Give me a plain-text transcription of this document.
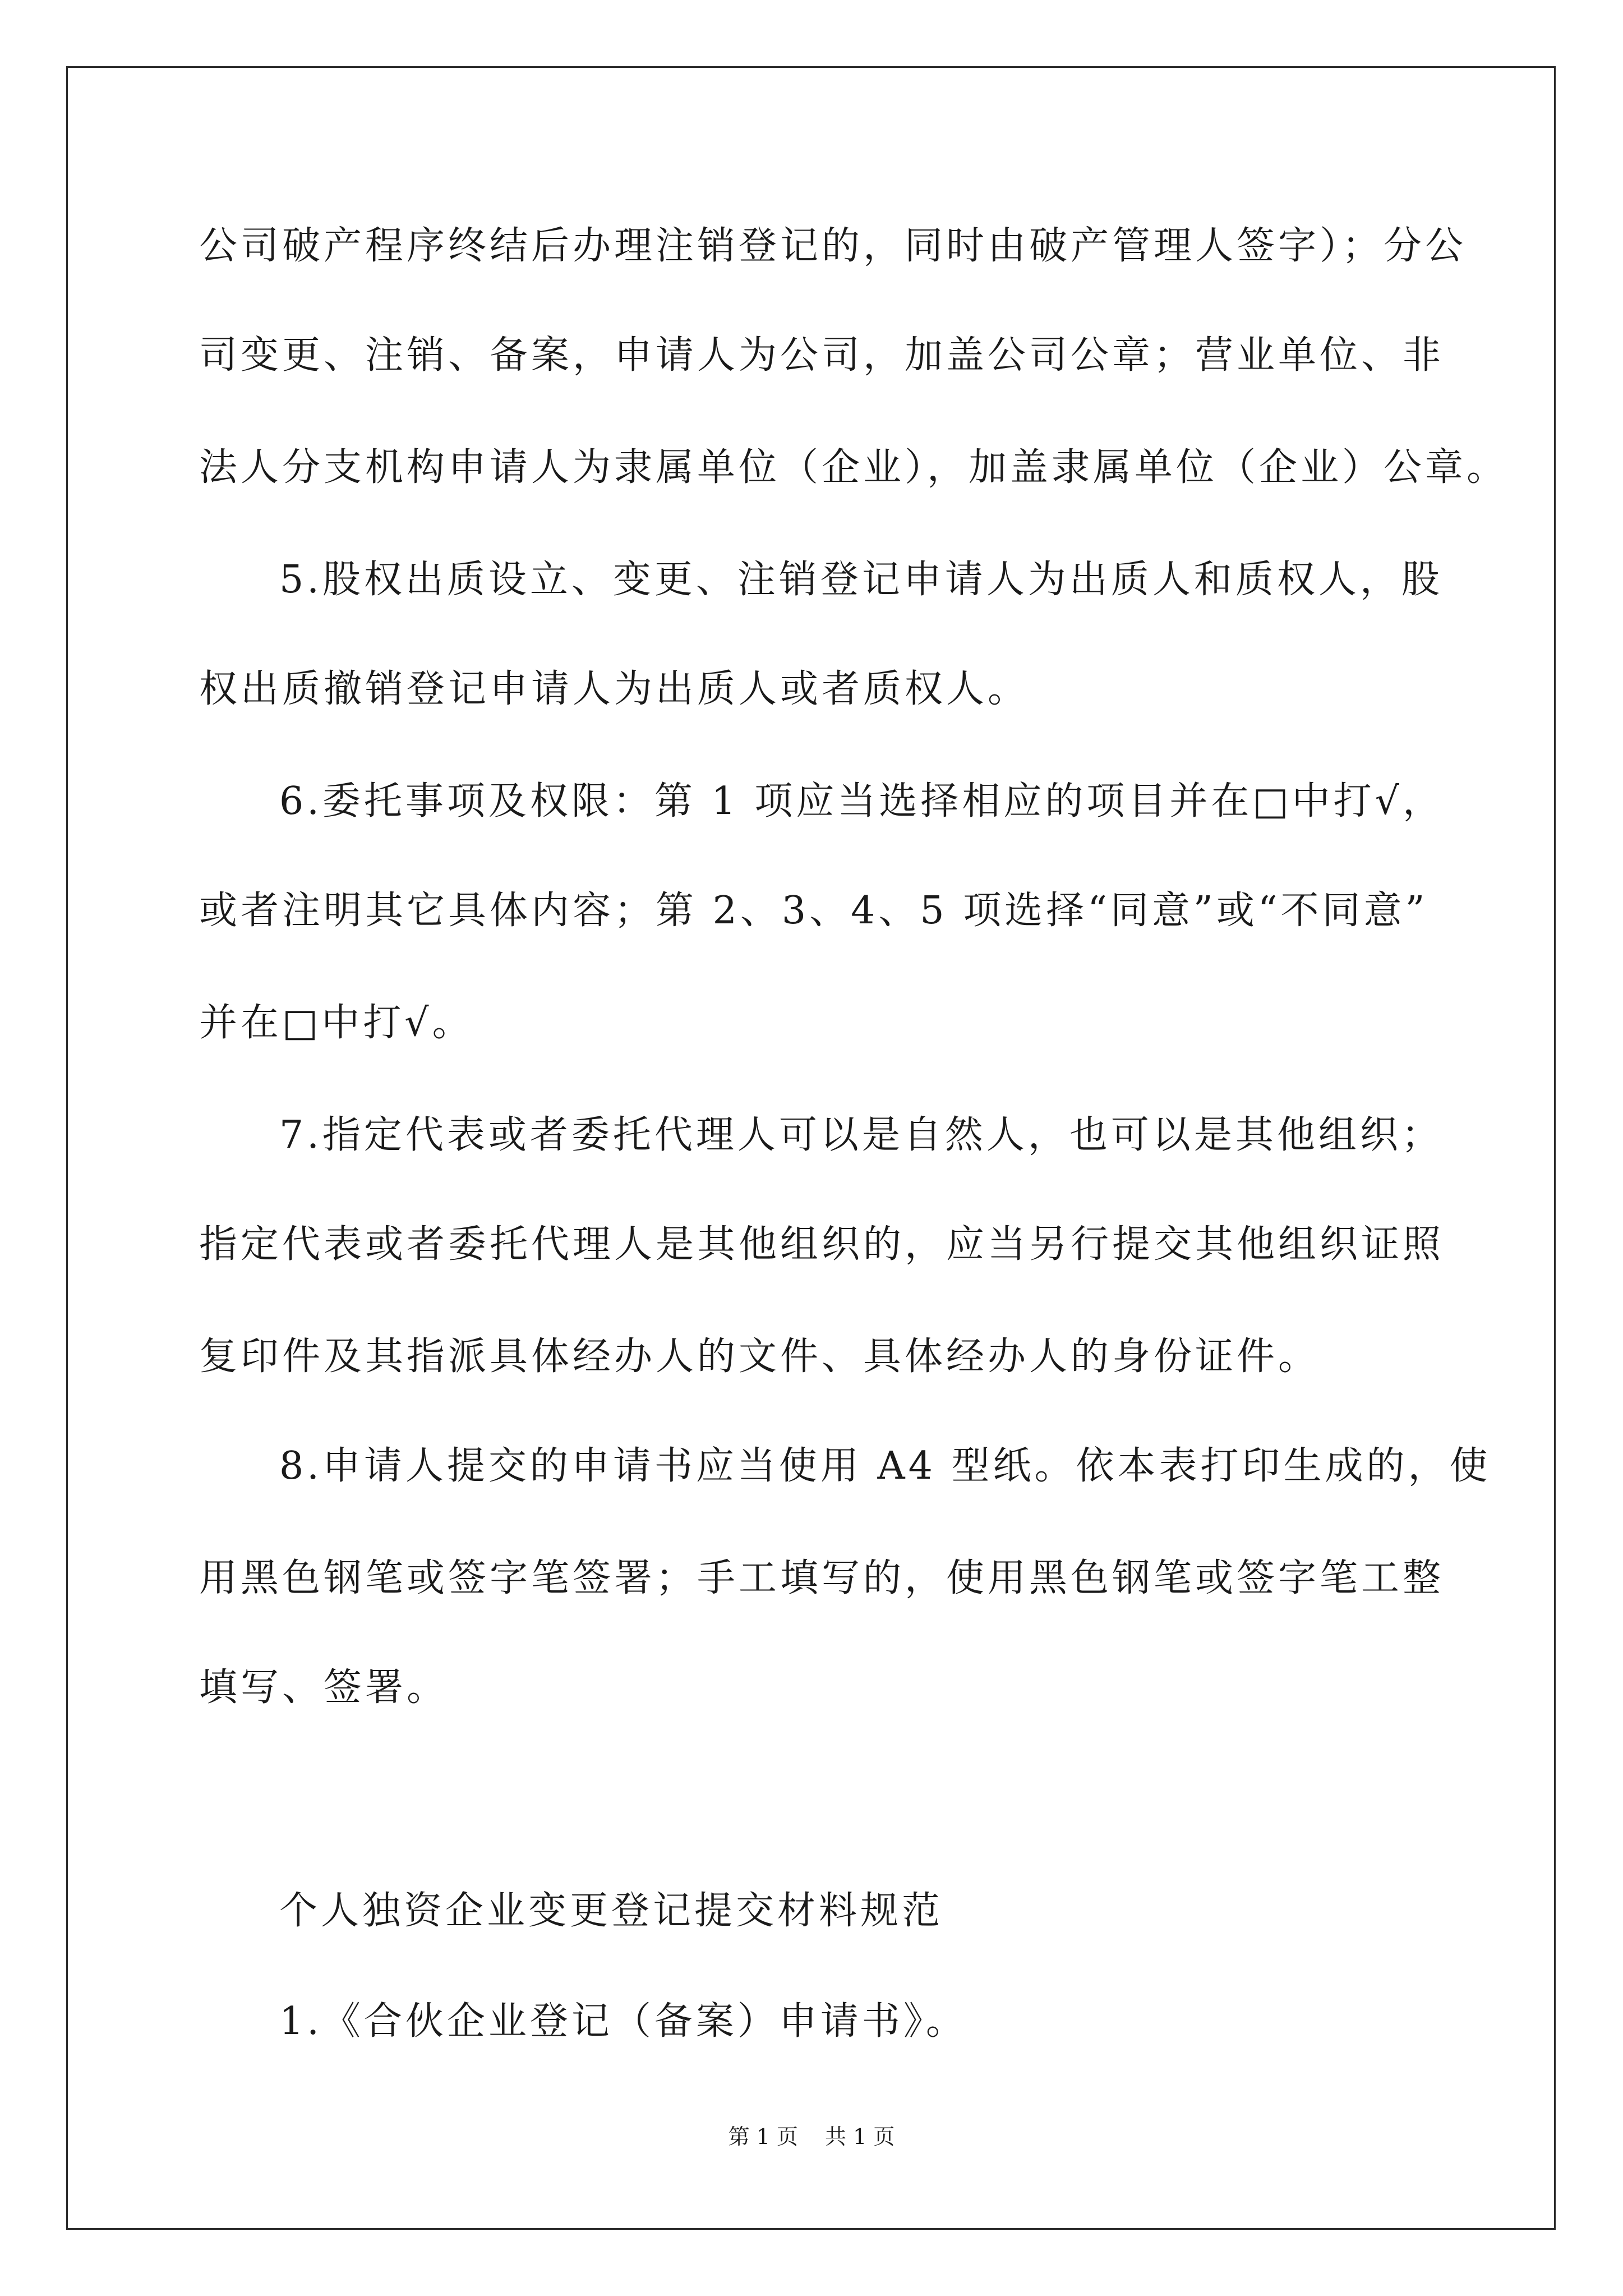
公司破产程序终结后办理注销登记的，同时由破产管理人签字）；分公
司变更、注销、备案，申请人为公司，加盖公司公章；营业单位、非
法人分支机构申请人为隶属单位（企业），加盖隶属单位（企业）公章。
5.股权出质设立、变更、注销登记申请人为出质人和质权人，股
权出质撤销登记申请人为出质人或者质权人。
6.委托事项及权限：第 1 项应当选择相应的项目并在□中打√，
或者注明其它具体内容；第 2、3、4、5 项选择“同意”或“不同意”
并在□中打√。
7.指定代表或者委托代理人可以是自然人，也可以是其他组织；
指定代表或者委托代理人是其他组织的，应当另行提交其他组织证照
复印件及其指派具体经办人的文件、具体经办人的身份证件。
8.申请人提交的申请书应当使用 A4 型纸。依本表打印生成的，使
用黑色钢笔或签字笔签署；手工填写的，使用黑色钢笔或签字笔工整
填写、签署。
个人独资企业变更登记提交材料规范
1.《合伙企业登记（备案）申请书》。
第 1 页 共 1 页
